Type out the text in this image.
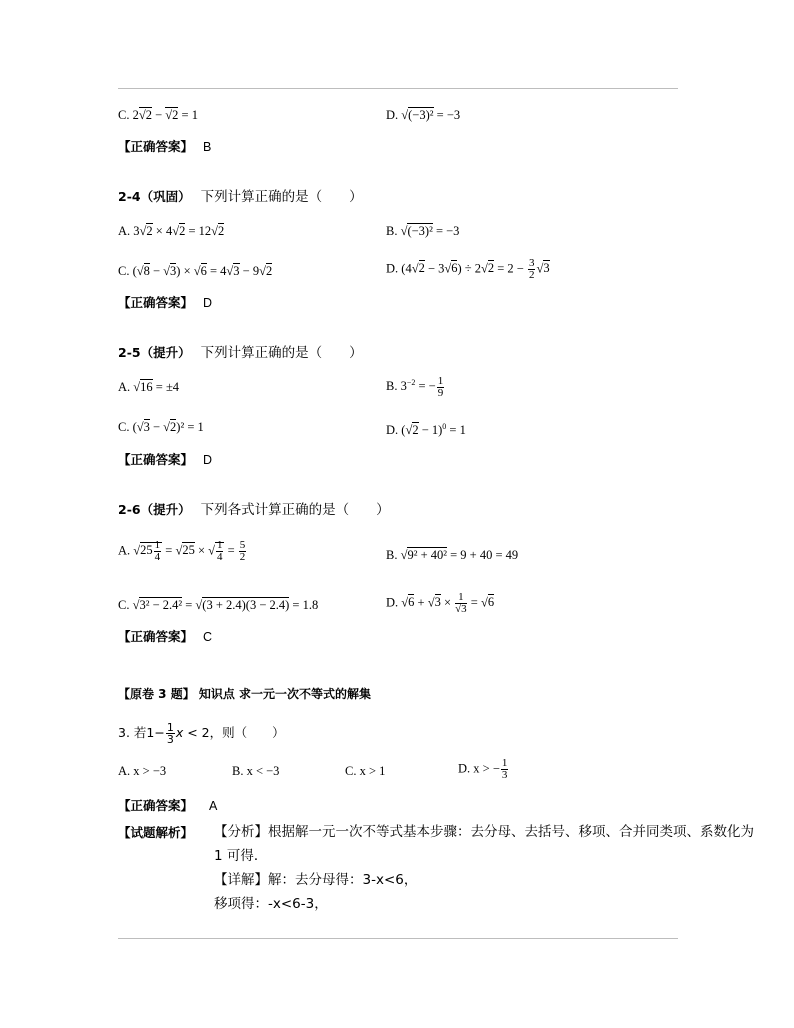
C. 2√2 − √2 = 1	D. √(−3)² = −3
【正确答案】 B
2-4（巩固） 下列计算正确的是（　　）
A. 3√2 × 4√2 = 12√2	B. √(−3)² = −3
C. (√8 − √3) × √6 = 4√3 − 9√2	D. $(4√2 - 3√6) \div 2√2 = 2 - \frac{3}{2} √3$
【正确答案】 D
2-5（提升） 下列计算正确的是（　　）
A. √16 = ±4	B. $3^{-2}$ = − $\frac{1}{9}$
C. (√3 − √2)² = 1	D. $(√2 - 1)^0 = 1$
【正确答案】 D
2-6（提升） 下列各式计算正确的是（　　）
A. $√25 \frac{1}{4} = √25$ × √ $\frac{1}{4} = \frac{5}{2}$	B. √9² + 40² = 9 + 40 = 49
C. √3² − 2.4² = √(3 + 2.4)(3 − 2.4) = 1.8	D. $√6 + √3 \times \frac{1}{√3} = √6$
【正确答案】 C
【原卷 3 题】 知识点 求一元一次不等式的解集
3. 若$1- \frac{1}{3}$ x < 2，则（　　）
A. x > −3	B. x < −3	C. x > 1	D. x > − $\frac{1}{3}$
【正确答案】 A
【试题解析】 【分析】根据解一元一次不等式基本步骤：去分母、去括号、移项、合并同类项、系数化为
1 可得．
【详解】解：去分母得：3-x<6，
移项得：-x<6-3，
